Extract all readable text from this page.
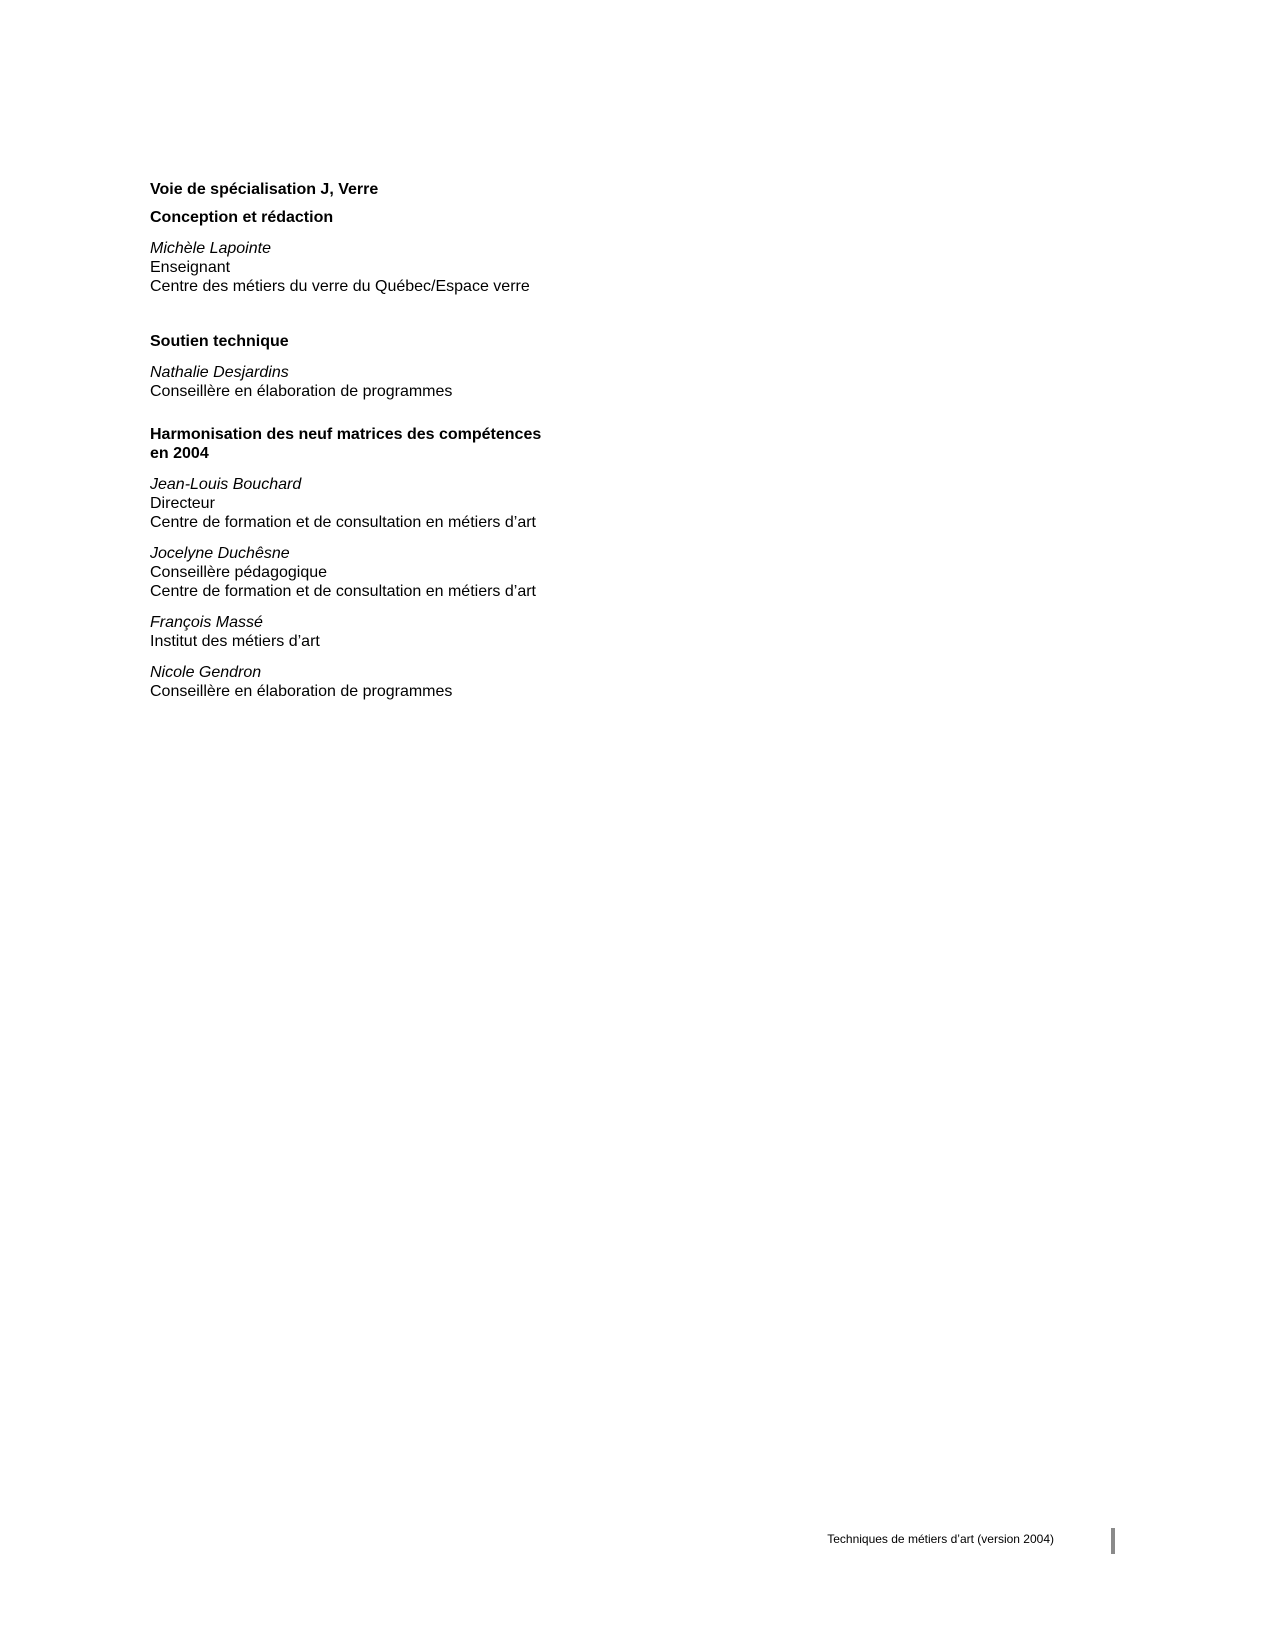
Voie de spécialisation J, Verre

Conception et rédaction

Michèle Lapointe
Enseignant
Centre des métiers du verre du Québec/Espace verre

Soutien technique

Nathalie Desjardins
Conseillère en élaboration de programmes

Harmonisation des neuf matrices des compétences
en 2004

Jean-Louis Bouchard
Directeur
Centre de formation et de consultation en métiers d’art
Jocelyne Duchêsne
Conseillère pédagogique
Centre de formation et de consultation en métiers d’art
François Massé
Institut des métiers d’art
Nicole Gendron
Conseillère en élaboration de programmes
Techniques de métiers d’art (version 2004)
